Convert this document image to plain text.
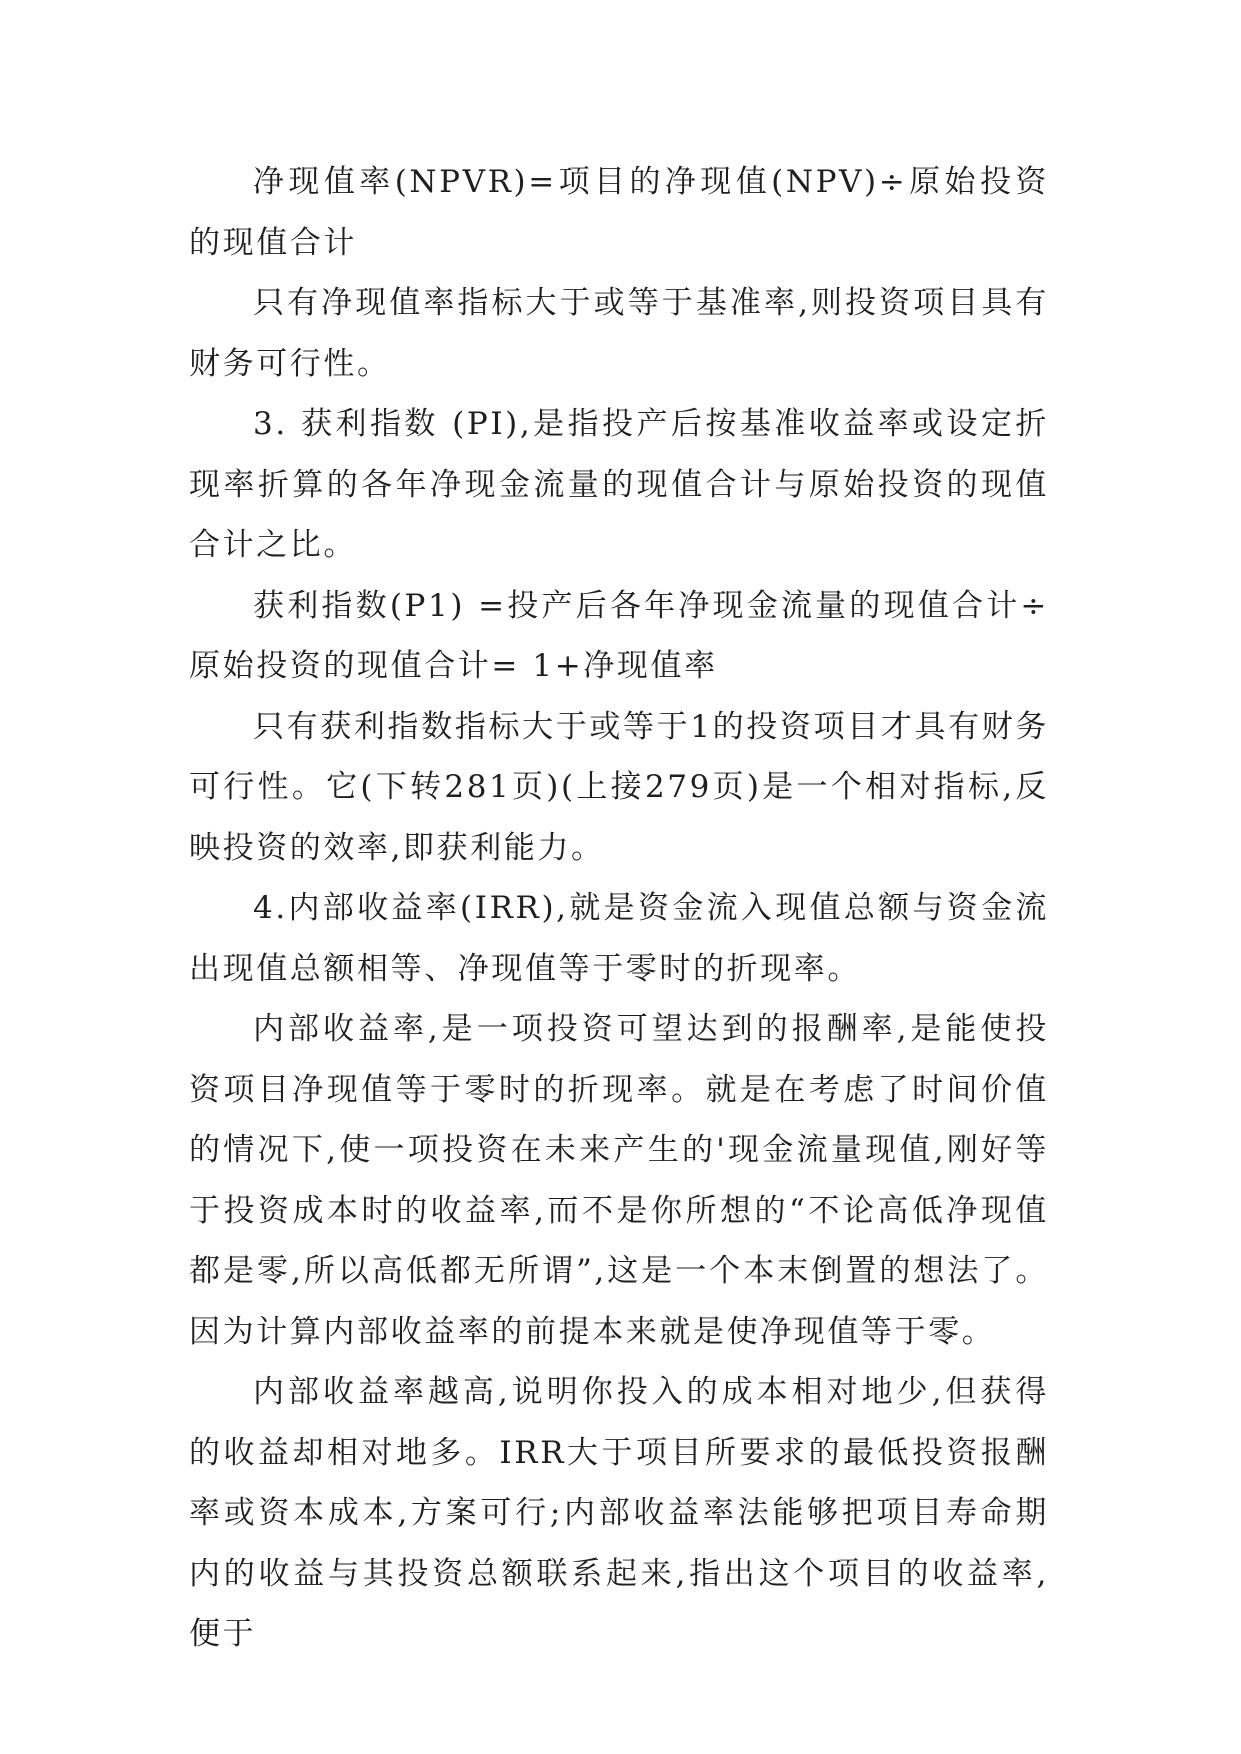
净现值率(NPVR)=项目的净现值(NPV)÷原始投资的现值合计

只有净现值率指标大于或等于基准率,则投资项目具有财务可行性。

3. 获利指数 (PI),是指投产后按基准收益率或设定折现率折算的各年净现金流量的现值合计与原始投资的现值合计之比。

获利指数(P1) =投产后各年净现金流量的现值合计÷原始投资的现值合计= 1+净现值率

只有获利指数指标大于或等于1的投资项目才具有财务可行性。它(下转281页)(上接279页)是一个相对指标,反映投资的效率,即获利能力。

4.内部收益率(IRR),就是资金流入现值总额与资金流出现值总额相等、净现值等于零时的折现率。

内部收益率,是一项投资可望达到的报酬率,是能使投资项目净现值等于零时的折现率。就是在考虑了时间价值的情况下,使一项投资在未来产生的'现金流量现值,刚好等于投资成本时的收益率,而不是你所想的“不论高低净现值都是零,所以高低都无所谓”,这是一个本末倒置的想法了。因为计算内部收益率的前提本来就是使净现值等于零。

内部收益率越高,说明你投入的成本相对地少,但获得的收益却相对地多。IRR大于项目所要求的最低投资报酬率或资本成本,方案可行;内部收益率法能够把项目寿命期内的收益与其投资总额联系起来,指出这个项目的收益率,便于
